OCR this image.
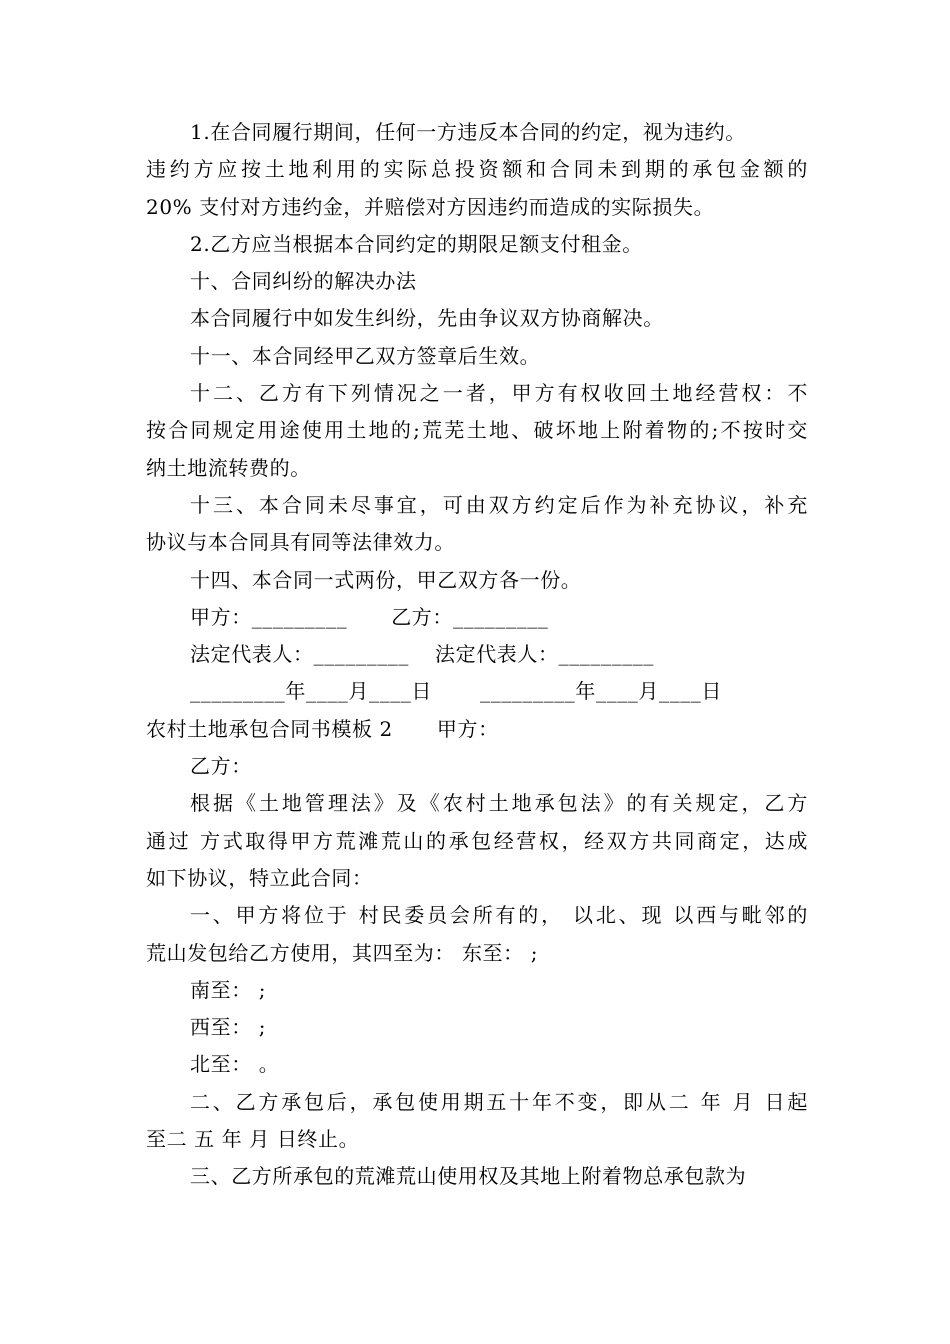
1.在合同履行期间，任何一方违反本合同的约定，视为违约。
违约方应按土地利用的实际总投资额和合同未到期的承包金额的
20% 支付对方违约金，并赔偿对方因违约而造成的实际损失。
2.乙方应当根据本合同约定的期限足额支付租金。
十、合同纠纷的解决办法
本合同履行中如发生纠纷，先由争议双方协商解决。
十一、本合同经甲乙双方签章后生效。
十二、乙方有下列情况之一者，甲方有权收回土地经营权：不
按合同规定用途使用土地的;荒芜土地、破坏地上附着物的;不按时交
纳土地流转费的。
十三、本合同未尽事宜，可由双方约定后作为补充协议，补充
协议与本合同具有同等法律效力。
十四、本合同一式两份，甲乙双方各一份。
甲方：_________ 乙方：_________
法定代表人：_________ 法定代表人：_________
_________年____月____日 _________年____月____日
农村土地承包合同书模板 2 甲方：
乙方：
根据《土地管理法》及《农村土地承包法》的有关规定，乙方
通过 方式取得甲方荒滩荒山的承包经营权，经双方共同商定，达成
如下协议，特立此合同：
一、甲方将位于 村民委员会所有的， 以北、现 以西与毗邻的
荒山发包给乙方使用，其四至为： 东至： ;
南至： ;
西至： ;
北至： 。
二、乙方承包后，承包使用期五十年不变，即从二 年 月 日起
至二 五 年 月 日终止。
三、乙方所承包的荒滩荒山使用权及其地上附着物总承包款为
